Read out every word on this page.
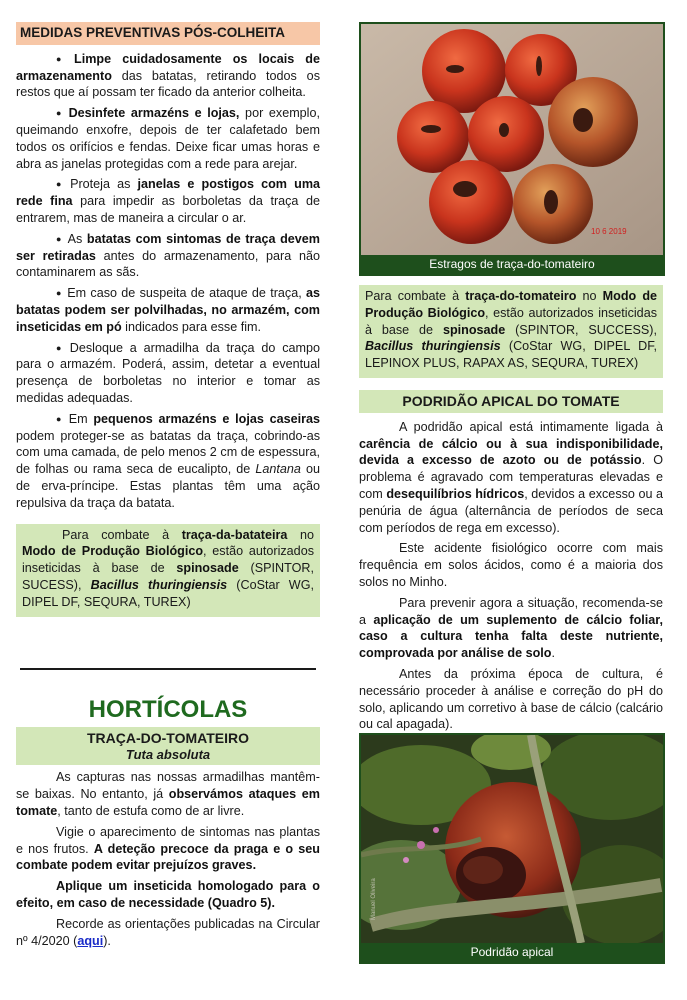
MEDIDAS PREVENTIVAS PÓS-COLHEITA

● Limpe cuidadosamente os locais de armazenamento das batatas, retirando todos os restos que aí possam ter ficado da anterior colheita.

● Desinfete armazéns e lojas, por exemplo, queimando enxofre, depois de ter calafetado bem todos os orifícios e fendas. Deixe ficar umas horas e abra as janelas protegidas com a rede para arejar.

● Proteja as janelas e postigos com uma rede fina para impedir as borboletas da traça de entrarem, mas de maneira a circular o ar.

● As batatas com sintomas de traça devem ser retiradas antes do armazenamento, para não contaminarem as sãs.

● Em caso de suspeita de ataque de traça, as batatas podem ser polvilhadas, no armazém, com inseticidas em pó indicados para esse fim.

● Desloque a armadilha da traça do campo para o armazém. Poderá, assim, detetar a eventual presença de borboletas no interior e tomar as medidas adequadas.

● Em pequenos armazéns e lojas caseiras podem proteger-se as batatas da traça, cobrindo-as com uma camada, de pelo menos 2 cm de espessura, de folhas ou rama seca de eucalipto, de Lantana ou de erva-príncipe. Estas plantas têm uma ação repulsiva da traça da batata.

Para combate à traça-da-batateira no Modo de Produção Biológico, estão autorizados inseticidas à base de spinosade (SPINTOR, SUCESS), Bacillus thuringiensis (CoStar WG, DIPEL DF, SEQURA, TUREX)

HORTÍCOLAS
TRAÇA-DO-TOMATEIRO
Tuta absoluta

As capturas nas nossas armadilhas mantêm-se baixas. No entanto, já observámos ataques em tomate, tanto de estufa como de ar livre.

Vigie o aparecimento de sintomas nas plantas e nos frutos. A deteção precoce da praga e o seu combate podem evitar prejuízos graves.

Aplique um inseticida homologado para o efeito, em caso de necessidade (Quadro 5).

Recorde as orientações publicadas na Circular nº 4/2020 (aqui).

10 6 2019
Estragos de traça-do-tomateiro

Para combate à traça-do-tomateiro no Modo de Produção Biológico, estão autorizados inseticidas à base de spinosade (SPINTOR, SUCCESS), Bacillus thuringiensis (CoStar WG, DIPEL DF, LEPINOX PLUS, RAPAX AS, SEQURA, TUREX)

PODRIDÃO APICAL DO TOMATE

A podridão apical está intimamente ligada à carência de cálcio ou à sua indisponibilidade, devida a excesso de azoto ou de potássio. O problema é agravado com temperaturas elevadas e com desequilíbrios hídricos, devidos a excesso ou a penúria de água (alternância de períodos de seca com períodos de rega em excesso).

Este acidente fisiológico ocorre com mais frequência em solos ácidos, como é a maioria dos solos no Minho.

Para prevenir agora a situação, recomenda-se a aplicação de um suplemento de cálcio foliar, caso a cultura tenha falta deste nutriente, comprovada por análise de solo.

Antes da próxima época de cultura, é necessário proceder à análise e correção do pH do solo, aplicando um corretivo à base de cálcio (calcário ou cal apagada).

Manuel Oliveira
Podridão apical
